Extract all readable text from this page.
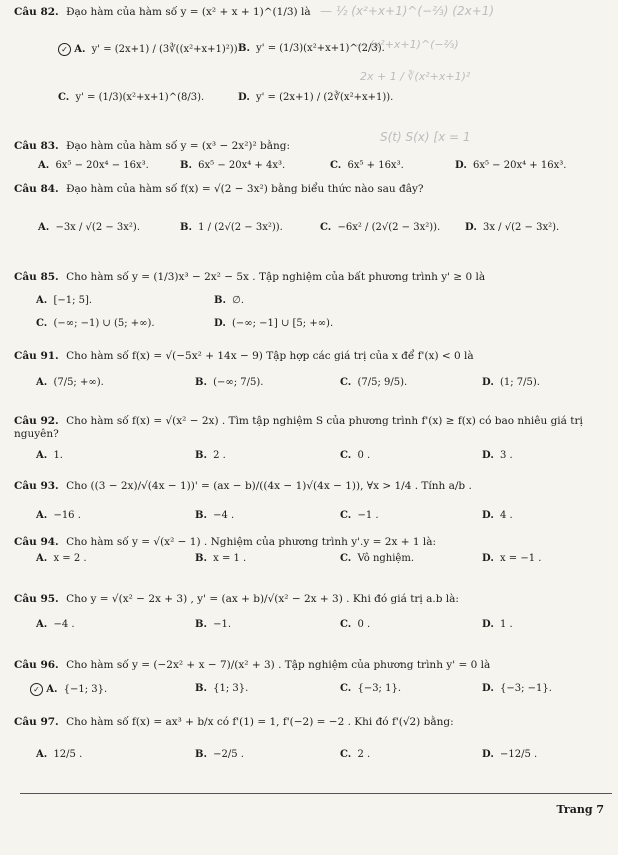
— ½ (x²+x+1)^(−⅔) (2x+1)
— (x²+x+1)^(−⅔)
2x + 1 / ∛(x²+x+1)²
S(t) S(x) [x = 1
Câu 82. Đạo hàm của hàm số y = (x² + x + 1)^(1/3) là
✓ A. y' = (2x+1) / (3∛((x²+x+1)²)) B. y' = (1/3)(x²+x+1)^(2/3).
C. y' = (1/3)(x²+x+1)^(8/3).	D. y' = (2x+1) / (2∛(x²+x+1)).
Câu 83. Đạo hàm của hàm số y = (x³ − 2x²)² bằng:
A. 6x⁵ − 20x⁴ − 16x³.	B. 6x⁵ − 20x⁴ + 4x³.	C. 6x⁵ + 16x³.	D. 6x⁵ − 20x⁴ + 16x³.
Câu 84. Đạo hàm của hàm số f(x) = √(2 − 3x²) bằng biểu thức nào sau đây?
A. −3x / √(2 − 3x²).	B. 1 / (2√(2 − 3x²)).	C. −6x² / (2√(2 − 3x²)). D. 3x / √(2 − 3x²).
Câu 85. Cho hàm số y = (1/3)x³ − 2x² − 5x . Tập nghiệm của bất phương trình y' ≥ 0 là
A. [−1; 5].	B. ∅.
C. (−∞; −1) ∪ (5; +∞).	D. (−∞; −1] ∪ [5; +∞).
Câu 91. Cho hàm số f(x) = √(−5x² + 14x − 9) Tập hợp các giá trị của x để f'(x) < 0 là
A. (7/5; +∞).	B. (−∞; 7/5).	C. (7/5; 9/5).	D. (1; 7/5).
Câu 92. Cho hàm số f(x) = √(x² − 2x) . Tìm tập nghiệm S của phương trình f'(x) ≥ f(x) có bao nhiêu giá trị nguyên?
A. 1.	B. 2 .	C. 0 .	D. 3 .
Câu 93. Cho ((3 − 2x)/√(4x − 1))' = (ax − b)/((4x − 1)√(4x − 1)), ∀x > 1/4 . Tính a/b .
A. −16 .	B. −4 .	C. −1 .	D. 4 .
Câu 94. Cho hàm số y = √(x² − 1) . Nghiệm của phương trình y'.y = 2x + 1 là:
A. x = 2 .	B. x = 1 .	C. Vô nghiệm.	D. x = −1 .
Câu 95. Cho y = √(x² − 2x + 3) , y' = (ax + b)/√(x² − 2x + 3) . Khi đó giá trị a.b là:
A. −4 .	B. −1.	C. 0 .	D. 1 .
Câu 96. Cho hàm số y = (−2x² + x − 7)/(x² + 3) . Tập nghiệm của phương trình y' = 0 là
✓ A. {−1; 3}.	B. {1; 3}.	C. {−3; 1}.	D. {−3; −1}.
Câu 97. Cho hàm số f(x) = ax³ + b/x có f'(1) = 1, f'(−2) = −2 . Khi đó f'(√2) bằng:
A. 12/5 .	B. −2/5 .	C. 2 .	D. −12/5 .
Trang 7
